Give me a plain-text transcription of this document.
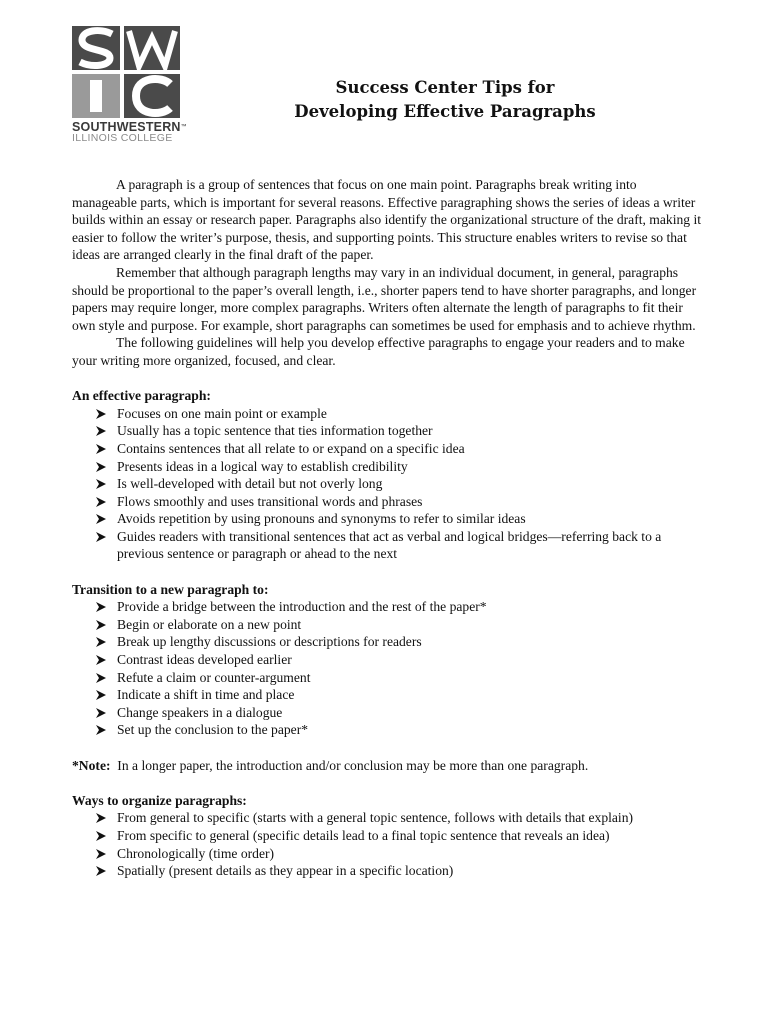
SOUTHWESTERN™
ILLINOIS COLLEGE
Success Center Tips for
Developing Effective Paragraphs

A paragraph is a group of sentences that focus on one main point. Paragraphs break writing into manageable parts, which is important for several reasons. Effective paragraphing shows the series of ideas a writer builds within an essay or research paper. Paragraphs also identify the organizational structure of the draft, making it easier to follow the writer’s purpose, thesis, and supporting points. This structure enables writers to revise so that ideas are arranged clearly in the final draft of the paper.

Remember that although paragraph lengths may vary in an individual document, in general, paragraphs should be proportional to the paper’s overall length, i.e., shorter papers tend to have shorter paragraphs, and longer papers may require longer, more complex paragraphs. Writers often alternate the length of paragraphs to fit their own style and purpose. For example, short paragraphs can sometimes be used for emphasis and to achieve rhythm.

The following guidelines will help you develop effective paragraphs to engage your readers and to make your writing more organized, focused, and clear.

An effective paragraph:

Focuses on one main point or example
Usually has a topic sentence that ties information together
Contains sentences that all relate to or expand on a specific idea
Presents ideas in a logical way to establish credibility
Is well-developed with detail but not overly long
Flows smoothly and uses transitional words and phrases
Avoids repetition by using pronouns and synonyms to refer to similar ideas
Guides readers with transitional sentences that act as verbal and logical bridges—referring back to a previous sentence or paragraph or ahead to the next

Transition to a new paragraph to:

Provide a bridge between the introduction and the rest of the paper*
Begin or elaborate on a new point
Break up lengthy discussions or descriptions for readers
Contrast ideas developed earlier
Refute a claim or counter-argument
Indicate a shift in time and place
Change speakers in a dialogue
Set up the conclusion to the paper*

*Note:  In a longer paper, the introduction and/or conclusion may be more than one paragraph.

Ways to organize paragraphs:

From general to specific (starts with a general topic sentence, follows with details that explain)
From specific to general (specific details lead to a final topic sentence that reveals an idea)
Chronologically (time order)
Spatially (present details as they appear in a specific location)
